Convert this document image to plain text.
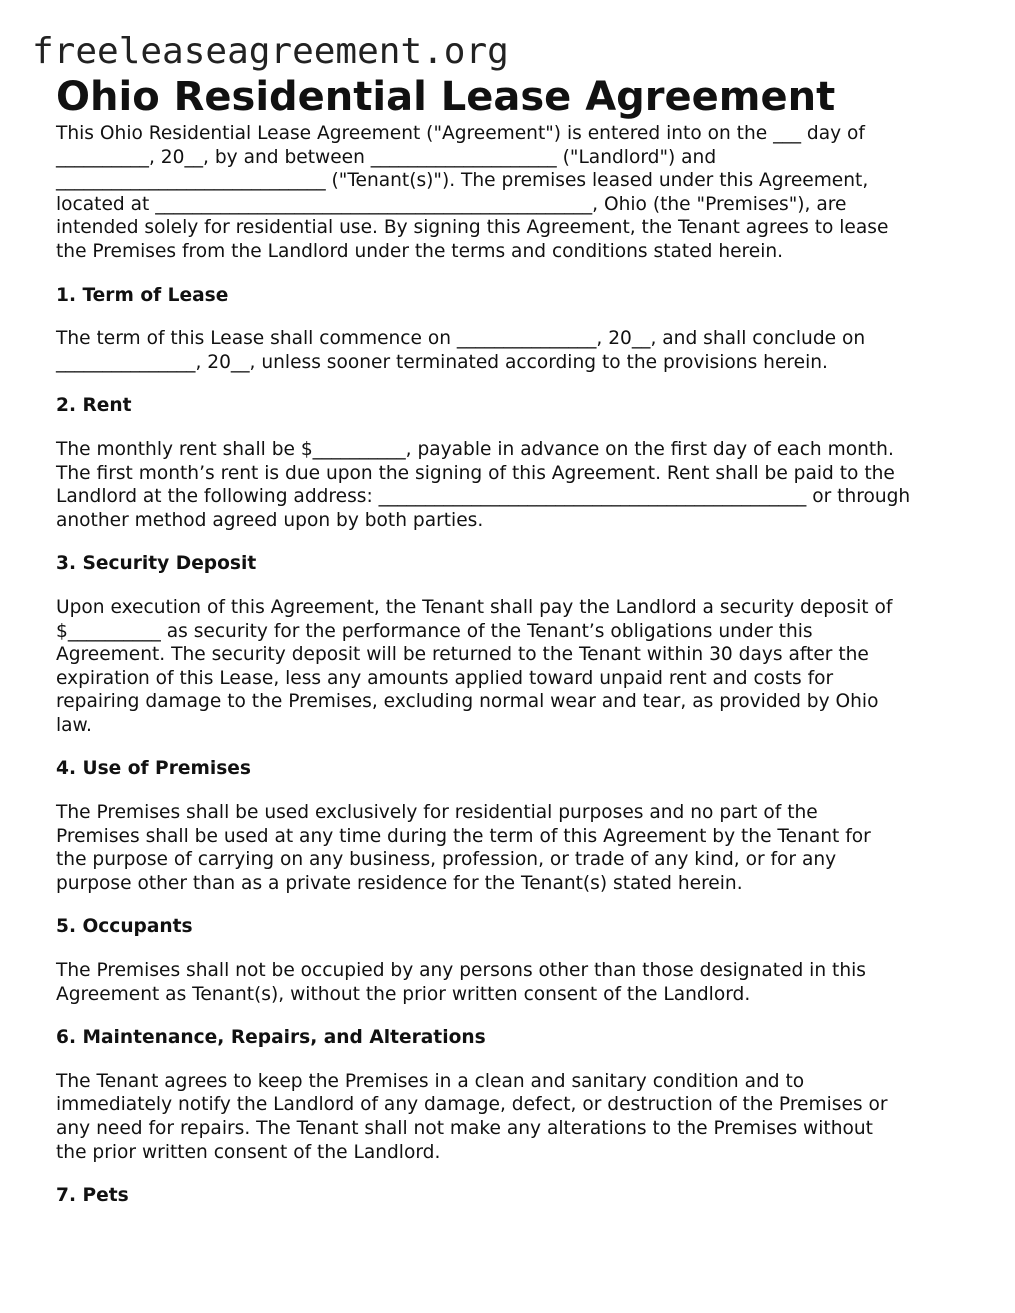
freeleaseagreement.org
Ohio Residential Lease Agreement

This Ohio Residential Lease Agreement ("Agreement") is entered into on the ___ day of
__________, 20__, by and between ____________________ ("Landlord") and
_____________________________ ("Tenant(s)"). The premises leased under this Agreement,
located at _______________________________________________, Ohio (the "Premises"), are
intended solely for residential use. By signing this Agreement, the Tenant agrees to lease
the Premises from the Landlord under the terms and conditions stated herein.

1. Term of Lease

The term of this Lease shall commence on _______________, 20__, and shall conclude on
_______________, 20__, unless sooner terminated according to the provisions herein.

2. Rent

The monthly rent shall be $__________, payable in advance on the first day of each month.
The first month’s rent is due upon the signing of this Agreement. Rent shall be paid to the
Landlord at the following address: ______________________________________________ or through
another method agreed upon by both parties.

3. Security Deposit

Upon execution of this Agreement, the Tenant shall pay the Landlord a security deposit of
$__________ as security for the performance of the Tenant’s obligations under this
Agreement. The security deposit will be returned to the Tenant within 30 days after the
expiration of this Lease, less any amounts applied toward unpaid rent and costs for
repairing damage to the Premises, excluding normal wear and tear, as provided by Ohio
law.

4. Use of Premises

The Premises shall be used exclusively for residential purposes and no part of the
Premises shall be used at any time during the term of this Agreement by the Tenant for
the purpose of carrying on any business, profession, or trade of any kind, or for any
purpose other than as a private residence for the Tenant(s) stated herein.

5. Occupants

The Premises shall not be occupied by any persons other than those designated in this
Agreement as Tenant(s), without the prior written consent of the Landlord.

6. Maintenance, Repairs, and Alterations

The Tenant agrees to keep the Premises in a clean and sanitary condition and to
immediately notify the Landlord of any damage, defect, or destruction of the Premises or
any need for repairs. The Tenant shall not make any alterations to the Premises without
the prior written consent of the Landlord.

7. Pets
